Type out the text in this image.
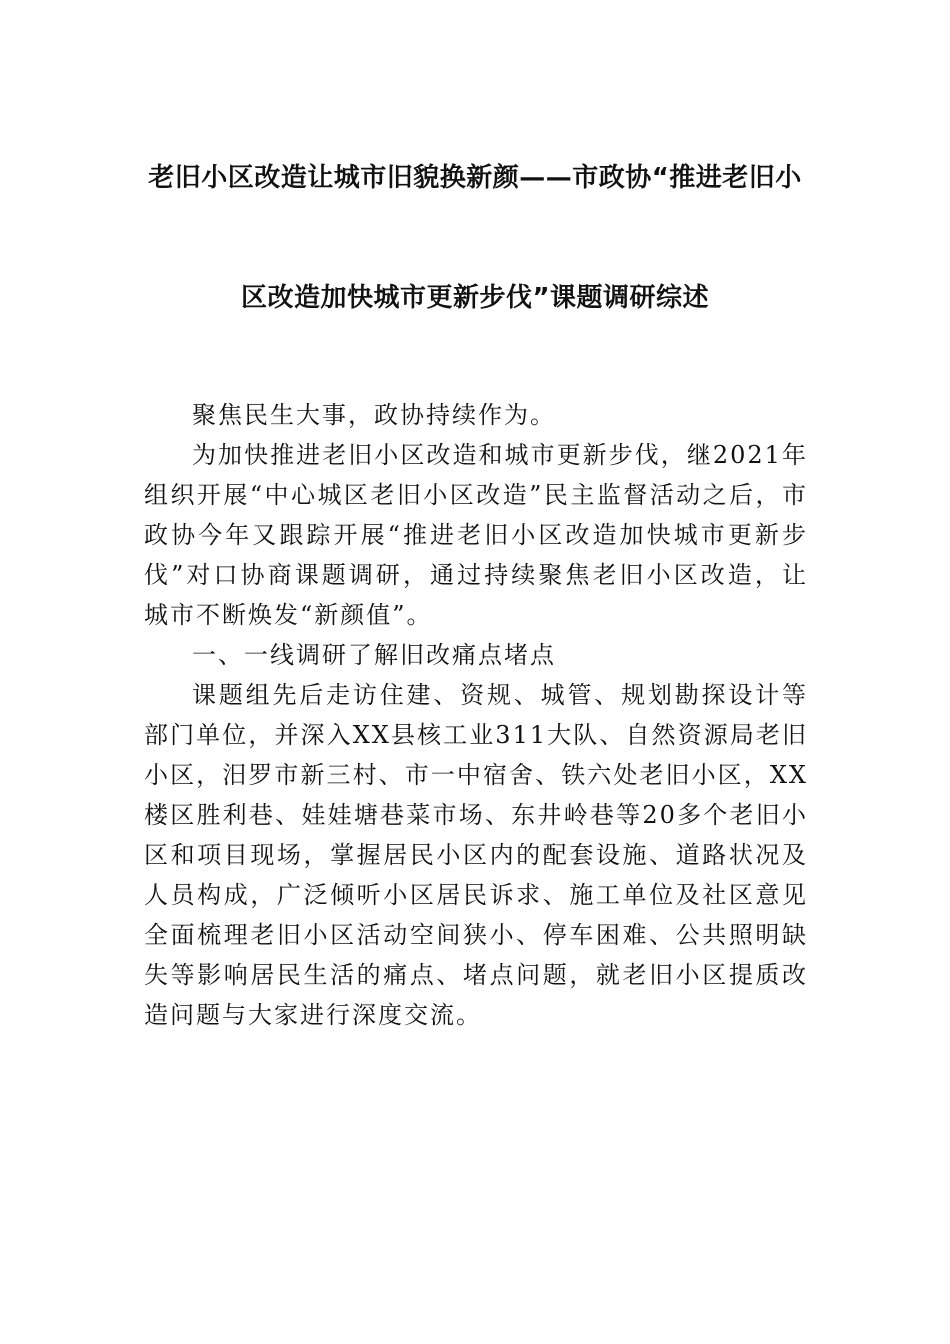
老旧小区改造让城市旧貌换新颜——市政协“推进老旧小
区改造加快城市更新步伐”课题调研综述

聚焦民生大事，政协持续作为。

为加快推进老旧小区改造和城市更新步伐，继2021年组织开展“中心城区老旧小区改造”民主监督活动之后，市政协今年又跟踪开展“推进老旧小区改造加快城市更新步伐”对口协商课题调研，通过持续聚焦老旧小区改造，让城市不断焕发“新颜值”。

一、一线调研了解旧改痛点堵点

课题组先后走访住建、资规、城管、规划勘探设计等部门单位，并深入XX县核工业311大队、自然资源局老旧小区，汨罗市新三村、市一中宿舍、铁六处老旧小区，XX楼区胜利巷、娃娃塘巷菜市场、东井岭巷等20多个老旧小区和项目现场，掌握居民小区内的配套设施、道路状况及人员构成，广泛倾听小区居民诉求、施工单位及社区意见全面梳理老旧小区活动空间狭小、停车困难、公共照明缺失等影响居民生活的痛点、堵点问题，就老旧小区提质改造问题与大家进行深度交流。
